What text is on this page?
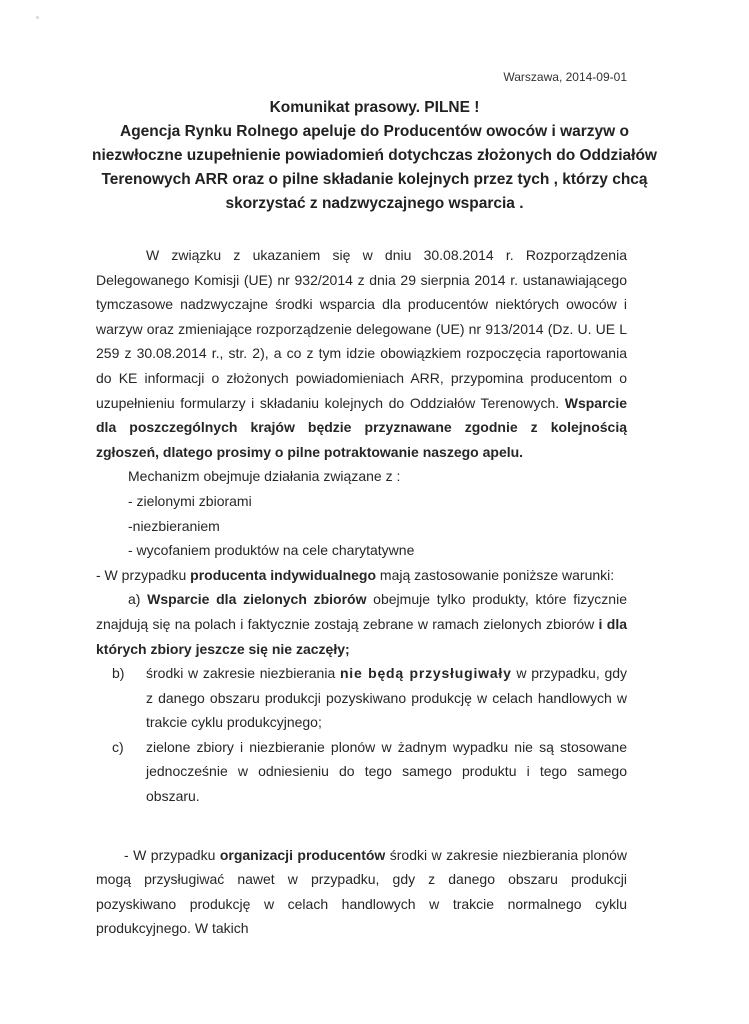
Warszawa, 2014-09-01

Komunikat prasowy. PILNE !

Agencja Rynku Rolnego apeluje do Producentów owoców i warzyw o

niezwłoczne uzupełnienie powiadomień dotychczas złożonych do Oddziałów

Terenowych ARR oraz o pilne składanie kolejnych przez tych , którzy chcą

skorzystać z nadzwyczajnego wsparcia .

W związku z ukazaniem się w dniu 30.08.2014 r. Rozporządzenia Delegowanego Komisji (UE) nr 932/2014 z dnia 29 sierpnia 2014 r. ustanawiającego tymczasowe nadzwyczajne środki wsparcia dla producentów niektórych owoców i warzyw oraz zmieniające rozporządzenie delegowane (UE) nr 913/2014 (Dz. U. UE L 259 z 30.08.2014 r., str. 2), a co z tym idzie obowiązkiem rozpoczęcia raportowania do KE informacji o złożonych powiadomieniach ARR, przypomina producentom o uzupełnieniu formularzy i składaniu kolejnych do Oddziałów Terenowych. Wsparcie dla poszczególnych krajów będzie przyznawane zgodnie z kolejnością zgłoszeń, dlatego prosimy o pilne potraktowanie naszego apelu.

Mechanizm obejmuje działania związane z :

- zielonymi zbiorami

-niezbieraniem

- wycofaniem produktów na cele charytatywne

- W przypadku producenta indywidualnego mają zastosowanie poniższe warunki:

a) Wsparcie dla zielonych zbiorów obejmuje tylko produkty, które fizycznie znajdują się na polach i faktycznie zostają zebrane w ramach zielonych zbiorów i dla których zbiory jeszcze się nie zaczęły;

b) środki w zakresie niezbierania nie będą przysługiwały w przypadku, gdy z danego obszaru produkcji pozyskiwano produkcję w celach handlowych w trakcie cyklu produkcyjnego;

c) zielone zbiory i niezbieranie plonów w żadnym wypadku nie są stosowane jednocześnie w odniesieniu do tego samego produktu i tego samego obszaru.

- W przypadku organizacji producentów środki w zakresie niezbierania plonów mogą przysługiwać nawet w przypadku, gdy z danego obszaru produkcji pozyskiwano produkcję w celach handlowych w trakcie normalnego cyklu produkcyjnego. W takich
